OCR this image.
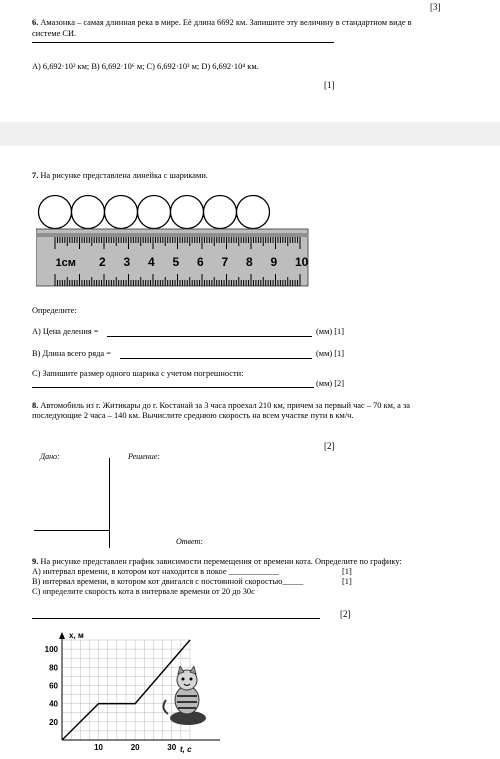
[3]
6. Амазонка – самая длинная река в мире. Её длина 6692 км. Запишите эту величину в стандартном виде в
системе СИ.
А) 6,692·10² км; В) 6,692·10⁶ м; С) 6,692·10³ м; D) 6,692·10⁴ км.
[1]
7. На рисунке представлена линейка с шариками.
1см 2 3 4 5 6 7 8 9 10
Определите:
А) Цена деления =	(мм) [1]
В) Длина всего ряда =	(мм) [1]
С) Запишите размер одного шарика с учетом погрешности:
(мм) [2]
8. Автомобиль из г. Житикары до г. Костанай за 3 часа проехал 210 км, причем за первый час – 70 км, а за
последующие 2 часа – 140 км. Вычислите среднюю скорость на всем участке пути в км/ч.
[2]
Дано:	Решение:
Ответ:
9. На рисунке представлен график зависимости перемещения от времени кота. Определите по графику:
А) интервал времени, в котором кот находится в покое ____________	[1]
В) интервал времени, в котором кот двигался с постоянной скоростью_____	[1]
С) определите скорость кота в интервале времени от 20 до 30с
[2]
x, м
t, с
20
40
60
80
100
10	20	30
